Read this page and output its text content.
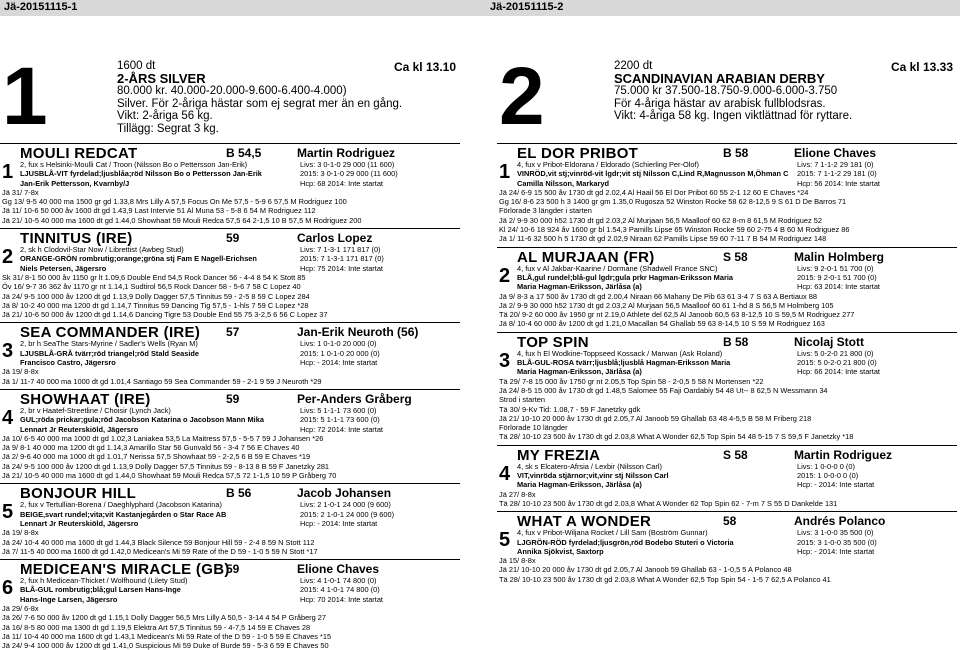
Jä-20151115-1	Jä-20151115-2
1	1600 dt
2-ÅRS SILVER
80.000 kr. 40.000-20.000-9.600-6.400-4.000)
Silver. För 2-åriga hästar som ej segrat mer än en gång.
Vikt: 2-åriga 56 kg.
Tillägg: Segrat 3 kg.
Ca kl 13.10
MOULI REDCAT	B 54,5	Martin Rodriguez
1 2, fux s Helsinki-Moulli Cat / Troon (Nilsson Bo o Pettersson Jan-Erik)	Livs: 3 0-1-0 29 000 (11 600)
LJUSBLÅ-VIT fyrdelad;ljusblåa;röd Nilsson Bo o Pettersson Jan-Erik	2015: 3 0-1-0 29 000 (11 600)
Jan-Erik Pettersson, Kvarnby/J	Hcp: 68 2014: Inte startat
Jä 31/ 7-8x
Gg 13/ 9-5 40 000 ma 1500 gr gd 1.33,8 Mrs Lilly A 57,5 Focus On Me 57,5 - 5-9 6 57,5 M Rodriguez 100
Jä 11/ 10-6 50 000 åv 1600 dt gd 1.43,9 Last Intervie 51 Al Muna 53 - 5-8 6 54 M Rodriguez 112
Jä 21/ 10-5 40 000 ma 1600 dt gd 1.44,0 Showhaat 59 Mouli Redca 57,5 64 2-1,5 10 B 57,5 M Rodriguez 200
TINNITUS (IRE)	59	Carlos Lopez
2 2, sk h Clodovil-Star Now / Librettist (Awbeg Stud)	Livs: 7 1-3-1 171 817 (0)
ORANGE-GRÖN rombrutig;orange;gröna stj Fam E Nagell-Erichsen	2015: 7 1-3-1 171 817 (0)
Niels Petersen, Jägersro	Hcp: 75 2014: Inte startat
Sk 31/ 8-1 50 000 åv 1150 gr lt 1.09,6 Double End 54,5 Rock Dancer 56 - 4-4 8 54 K Stott 85
Öv 16/ 9-7 36 362 åv 1170 gr nt 1.14,1 Sudtirol 56,5 Rock Dancer 58 - 5-6 7 58 C Lopez 40
Jä 24/ 9-5 100 000 åv 1200 dt gd 1.13,9 Dolly Dagger 57,5 Tinnitus 59 - 2-5 8 59 C Lopez 284
Jä 8/ 10-2 40 000 ma 1200 dt gd 1.14,7 Tinnitus 59 Dancing Tig 57,5 - 1-hls 7 59 C Lopez *28
Jä 21/ 10-6 50 000 åv 1200 dt gd 1.14,6 Dancing Tigre 53 Double End 55 75 3-2,5 6 56 C Lopez 37
SEA COMMANDER (IRE) 57	Jan-Erik Neuroth (56)
3 2, br h SeaThe Stars-Myrine / Sadler's Wells (Ryan M)	Livs: 1 0-1-0 20 000 (0)
LJUSBLÅ-GRÅ tvärr;röd triangel;röd Stald Seaside	2015: 1 0-1-0 20 000 (0)
Francisco Castro, Jägersro	Hcp: - 2014: Inte startat
Jä 19/ 8-8x
Jä 1/ 11-7 40 000 ma 1000 dt gd 1.01,4 Santiago 59 Sea Commander 59 - 2-1 9 59 J Neuroth *29
SHOWHAAT (IRE)	59	Per-Anders Gråberg
4 2, br v Haatef-Streetline / Choisir (Lynch Jack)	Livs: 5 1-1-1 73 600 (0)
GUL;röda prickar;gula;röd Jacobson Katarina o Jacobson Mann Mika	2015: 5 1-1-1 73 600 (0)
Lennart Jr Reuterskiöld, Jägersro	Hcp: 72 2014: Inte startat
Jä 10/ 6-5 40 000 ma 1000 dt gd 1.02,3 Laniakea 53,5 La Maitress 57,5 - 5-5 7 59 J Johansen *26
Jä 9/ 8-1 40 000 ma 1200 dt gd 1.14,3 Amarillo Star 56 Gunvald 56 - 3-4 7 56 E Chaves 40
Jä 2/ 9-6 40 000 ma 1000 dt gd 1.01,7 Nerissa 57,5 Showhaat 59 - 2-2,5 6 B 59 E Chaves *19
Jä 24/ 9-5 100 000 åv 1200 dt gd 1.13,9 Dolly Dagger 57,5 Tinnitus 59 - 8-13 8 B 59 F Janetzky 281
Jä 21/ 10-5 40 000 ma 1600 dt gd 1.44,0 Showhaat 59 Mouli Redca 57,5 72 1-1,5 10 59 P Gråberg 70
BONJOUR HILL	B 56	Jacob Johansen
5 2, fux v Tertullian-Borena / Daeghlyphard (Jacobson Katarina)	Livs: 2 1-0-1 24 000 (9 600)
BEIGE,svart rundel;vita;vit Kastanjegården o Star Race AB	2015: 2 1-0-1 24 000 (9 600)
Lennart Jr Reuterskiöld, Jägersro	Hcp: - 2014: Inte startat
Jä 19/ 8-8x
Jä 24/ 10-4 40 000 ma 1600 dt gd 1.44,3 Black Silence 59 Bonjour Hill 59 - 2-4 8 59 N Stott 112
Jä 7/ 11-5 40 000 ma 1600 dt gd 1.42,0 Medicean's Mi 59 Rate of the D 59 - 1-0 5 59 N Stott *17
MEDICEAN'S MIRACLE (GB)
59	Elione Chaves
6 2, fux h Medicean-Thicket / Wolfhound (Lilety Stud)	Livs: 4 1-0-1 74 800 (0)
BLÅ-GUL rombrutig;blå;gul Larsen Hans-Inge	2015: 4 1-0-1 74 800 (0)
Hans-Inge Larsen, Jägersro	Hcp: 70 2014: Inte startat
Jä 29/ 6-8x
Jä 26/ 7-6 50 000 åv 1200 dt gd 1.15,1 Dolly Dagger 56,5 Mrs Lilly A 50,5 - 3-14 4 54 P Gråberg 27
Jä 16/ 8-5 80 000 ma 1300 dt gd 1.19,5 Elektra Art 57,5 Tinnitus 59 - 4-7,5 14 59 E Chaves 28
Jä 11/ 10-4 40 000 ma 1600 dt gd 1.43,1 Medicean's Mi 59 Rate of the D 59 - 1-0 5 59 E Chaves *15
Jä 24/ 9-4 100 000 åv 1200 dt gd 1.41,0 Suspicious Mi 59 Duke of Burde 59 - 5-3 6 59 E Chaves 50
2	2200 dt
SCANDINAVIAN ARABIAN DERBY
75.000 kr 37.500-18.750-9.000-6.000-3.750
För 4-åriga hästar av arabisk fullblodsras.
Vikt: 4-åriga 58 kg. Ingen viktlättnad för ryttare.
Ca kl 13.33
EL DOR PRIBOT	B 58	Elione Chaves
1 4, fux v Pribot-Eldorana / Eldorado (Schierling Per-Olof)	Livs: 7 1-1-2 29 181 (0)
VINRÖD,vit stj;vinröd-vit lgdr;vit stj Nilsson C,Lind R,Magnusson M,Öhman C 2015: 7 1-1-2 29 181 (0)
Camilla Nilsson, Markaryd	Hcp: 56 2014: Inte startat
Jä 24/ 6-9 15 500 åv 1730 dt gd 2.02,4 Al Haail 56 El Dor Pribot 60 55 2-1 12 60 E Chaves *24
Gg 16/ 8-6 23 500 h 3 1400 gr gm 1.35,0 Rugosza 52 Winston Rocke 58 62 8-12,5 9 S 61 D De Barros 71
Förlorade 3 längder i starten
Jä 2/ 9-9 30 000 h52 1730 dt gd 2.03,2 Al Murjaan 56,5 Maalloof 60 62 8-m 8 61,5 M Rodriguez 52
Kl 24/ 10-6 18 924 åv 1600 gr bl 1.54,3 Pamills Lipse 65 Winston Rocke 59 60 2-75 4 B 60 M Rodriguez 86
Jä 1/ 11-6 32 500 h 5 1730 dt gd 2.02,9 Niraan 62 Pamills Lipse 59 60 7-11 7 B 54 M Rodriguez 148
AL MURJAAN (FR)	S 58	Malin Holmberg
2 4, fux v Al Jakbar-Kaarine / Dormane (Shadwell France SNC)	Livs: 9 2-0-1 51 700 (0)
BLÅ,gul rundel;blå-gul lgdr;gula prkr Hagman-Eriksson Maria	2015: 9 2-0-1 51 700 (0)
Maria Hagman-Eriksson, Järlåsa (a)	Hcp: 63 2014: Inte startat
Jä 9/ 8-3 a 17 500 åv 1730 dt gd 2.00,4 Niraan 66 Mahany De Pib 63 61 3-4 7 S 63 A Bertiaux 88
Jä 2/ 9-9 30 000 h52 1730 dt gd 2.03,2 Al Murjaan 56,5 Maalloof 60 61 1-hd 8 S 56,5 M Holmberg 105
Tä 20/ 9-2 60 000 åv 1950 gr nt 2.19,0 Athlete del 62,5 Al Janoob 60,5 63 8-12,5 10 S 59,5 M Rodriguez 277
Jä 8/ 10-4 60 000 åv 1200 dt gd 1.21,0 Macallan 54 Ghallab 59 63 8-14,5 10 S 59 M Rodriguez 163
TOP SPIN	B 58	Nicolaj Stott
3 4, fux h El Wodkine-Toppseed Kossack / Marwan (Ask Roland)	Livs: 5 0-2-0 21 800 (0)
BLÅ-GUL-ROSA tvärr;ljusblå;ljusblå Hagman-Eriksson Maria	2015: 5 0-2-0 21 800 (0)
Maria Hagman-Eriksson, Järlåsa (a)	Hcp: 66 2014: Inte startat
Tä 29/ 7-8 15 000 åv 1750 gr nt 2.05,5 Top Spin 58 - 2-0,5 5 58 N Mortensen *22
Jä 24/ 8-5 15 000 åv 1730 dt gd 1.48,5 Salomee 55 Faji Oardabiy 54 48 Ut-- 8 62,5 N Wessmann 34
Strod i starten
Tä 30/ 9-Kv Tid: 1.08,7 - 59 F Janetzky gdk
Jä 21/ 10-10 20 000 åv 1730 dt gd 2.05,7 Al Janoob 59 Ghallab 63 48 4-5,5 B 58 M Friberg 218
Förlorade 10 längder
Tä 28/ 10-10 23 500 åv 1730 dt gd 2.03,8 What A Wonder 62,5 Top Spin 54 48 5-15 7 S 59,5 F Janetzky *18
MY FREZIA	S 58	Martin Rodriguez
4 4, sk s Elcatero-Afrsia / Lexbir (Nilsson Carl)	Livs: 1 0-0-0 0 (0)
VIT,vinröda stjärnor;vit,vinr stj Nilsson Carl	2015: 1 0-0-0 0 (0)
Maria Hagman-Eriksson, Järlåsa (a)	Hcp: - 2014: Inte startat
Jä 27/ 8-8x
Tä 28/ 10-10 23 500 åv 1730 dt gd 2.03,8 What A Wonder 62 Top Spin 62 - 7-m 7 S 55 D Dankelde 131
WHAT A WONDER	58	Andrés Polanco
5 4, fux v Pribot-Wiljana Rocket / Lill Sam (Boström Gunnar)	Livs: 3 1-0-0 35 500 (0)
LJGRÖN-RÖD fyrdelad;ljusgrön,röd Bodebo Stuteri o Victoria	2015: 3 1-0-0 35 500 (0)
Annika Sjökvist, Saxtorp	Hcp: - 2014: Inte startat
Jä 15/ 8-8x
Jä 21/ 10-10 20 000 åv 1730 dt gd 2.05,7 Al Janoob 59 Ghallab 63 - 1-0,5 5 A Polanco 48
Tä 28/ 10-10 23 500 åv 1730 dt gd 2.03,8 What A Wonder 62,5 Top Spin 54 - 1-5 7 62,5 A Polanco 41
